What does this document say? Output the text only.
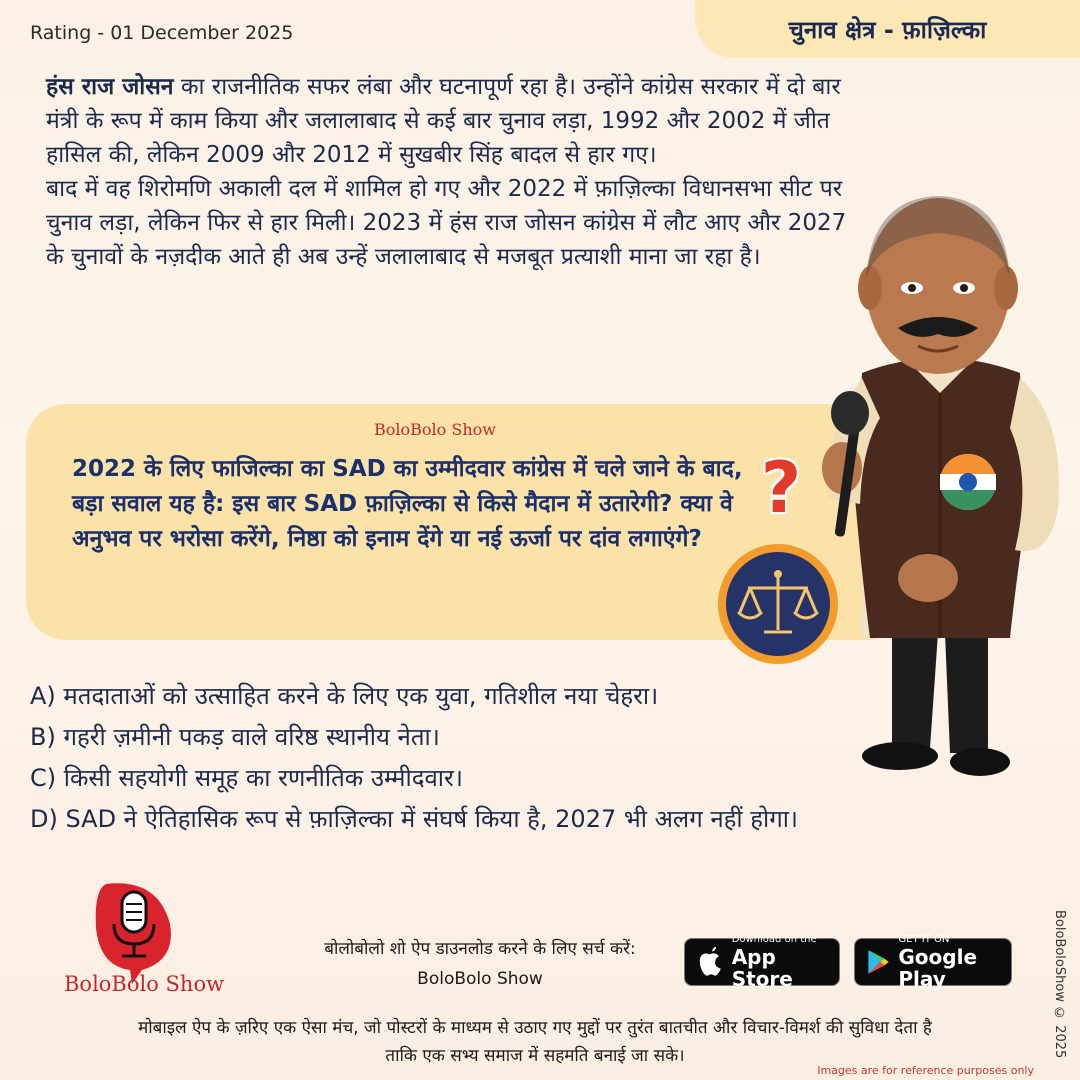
Rating - 01 December 2025	चुनाव क्षेत्र - फ़ाज़िल्का

हंस राज जोसन का राजनीतिक सफर लंबा और घटनापूर्ण रहा है। उन्होंने कांग्रेस सरकार में दो बार मंत्री के रूप में काम किया और जलालाबाद से कई बार चुनाव लड़ा, 1992 और 2002 में जीत हासिल की, लेकिन 2009 और 2012 में सुखबीर सिंह बादल से हार गए।

बाद में वह शिरोमणि अकाली दल में शामिल हो गए और 2022 में फ़ाज़िल्का विधानसभा सीट पर चुनाव लड़ा, लेकिन फिर से हार मिली। 2023 में हंस राज जोसन कांग्रेस में लौट आए और 2027 के चुनावों के नज़दीक आते ही अब उन्हें जलालाबाद से मजबूत प्रत्याशी माना जा रहा है।

BoloBolo Show
2022 के लिए फाजिल्का का SAD का उम्मीदवार कांग्रेस में चले जाने के बाद, बड़ा सवाल यह है: इस बार SAD फ़ाज़िल्का से किसे मैदान में उतारेगी? क्या वे अनुभव पर भरोसा करेंगे, निष्ठा को इनाम देंगे या नई ऊर्जा पर दांव लगाएंगे?
?
A) मतदाताओं को उत्साहित करने के लिए एक युवा, गतिशील नया चेहरा।
B) गहरी ज़मीनी पकड़ वाले वरिष्ठ स्थानीय नेता।
C) किसी सहयोगी समूह का रणनीतिक उम्मीदवार।
D) SAD ने ऐतिहासिक रूप से फ़ाज़िल्का में संघर्ष किया है, 2027 भी अलग नहीं होगा।
BoloBolo Show
बोलोबोलो शो ऐप डाउनलोड करने के लिए सर्च करें:
BoloBolo Show
Download on the
App Store
GET IT ON
Google Play
मोबाइल ऐप के ज़रिए एक ऐसा मंच, जो पोस्टरों के माध्यम से उठाए गए मुद्दों पर तुरंत बातचीत और विचार-विमर्श की सुविधा देता है
ताकि एक सभ्य समाज में सहमति बनाई जा सके।	BoloBoloShow © 2025
Images are for reference purposes only
